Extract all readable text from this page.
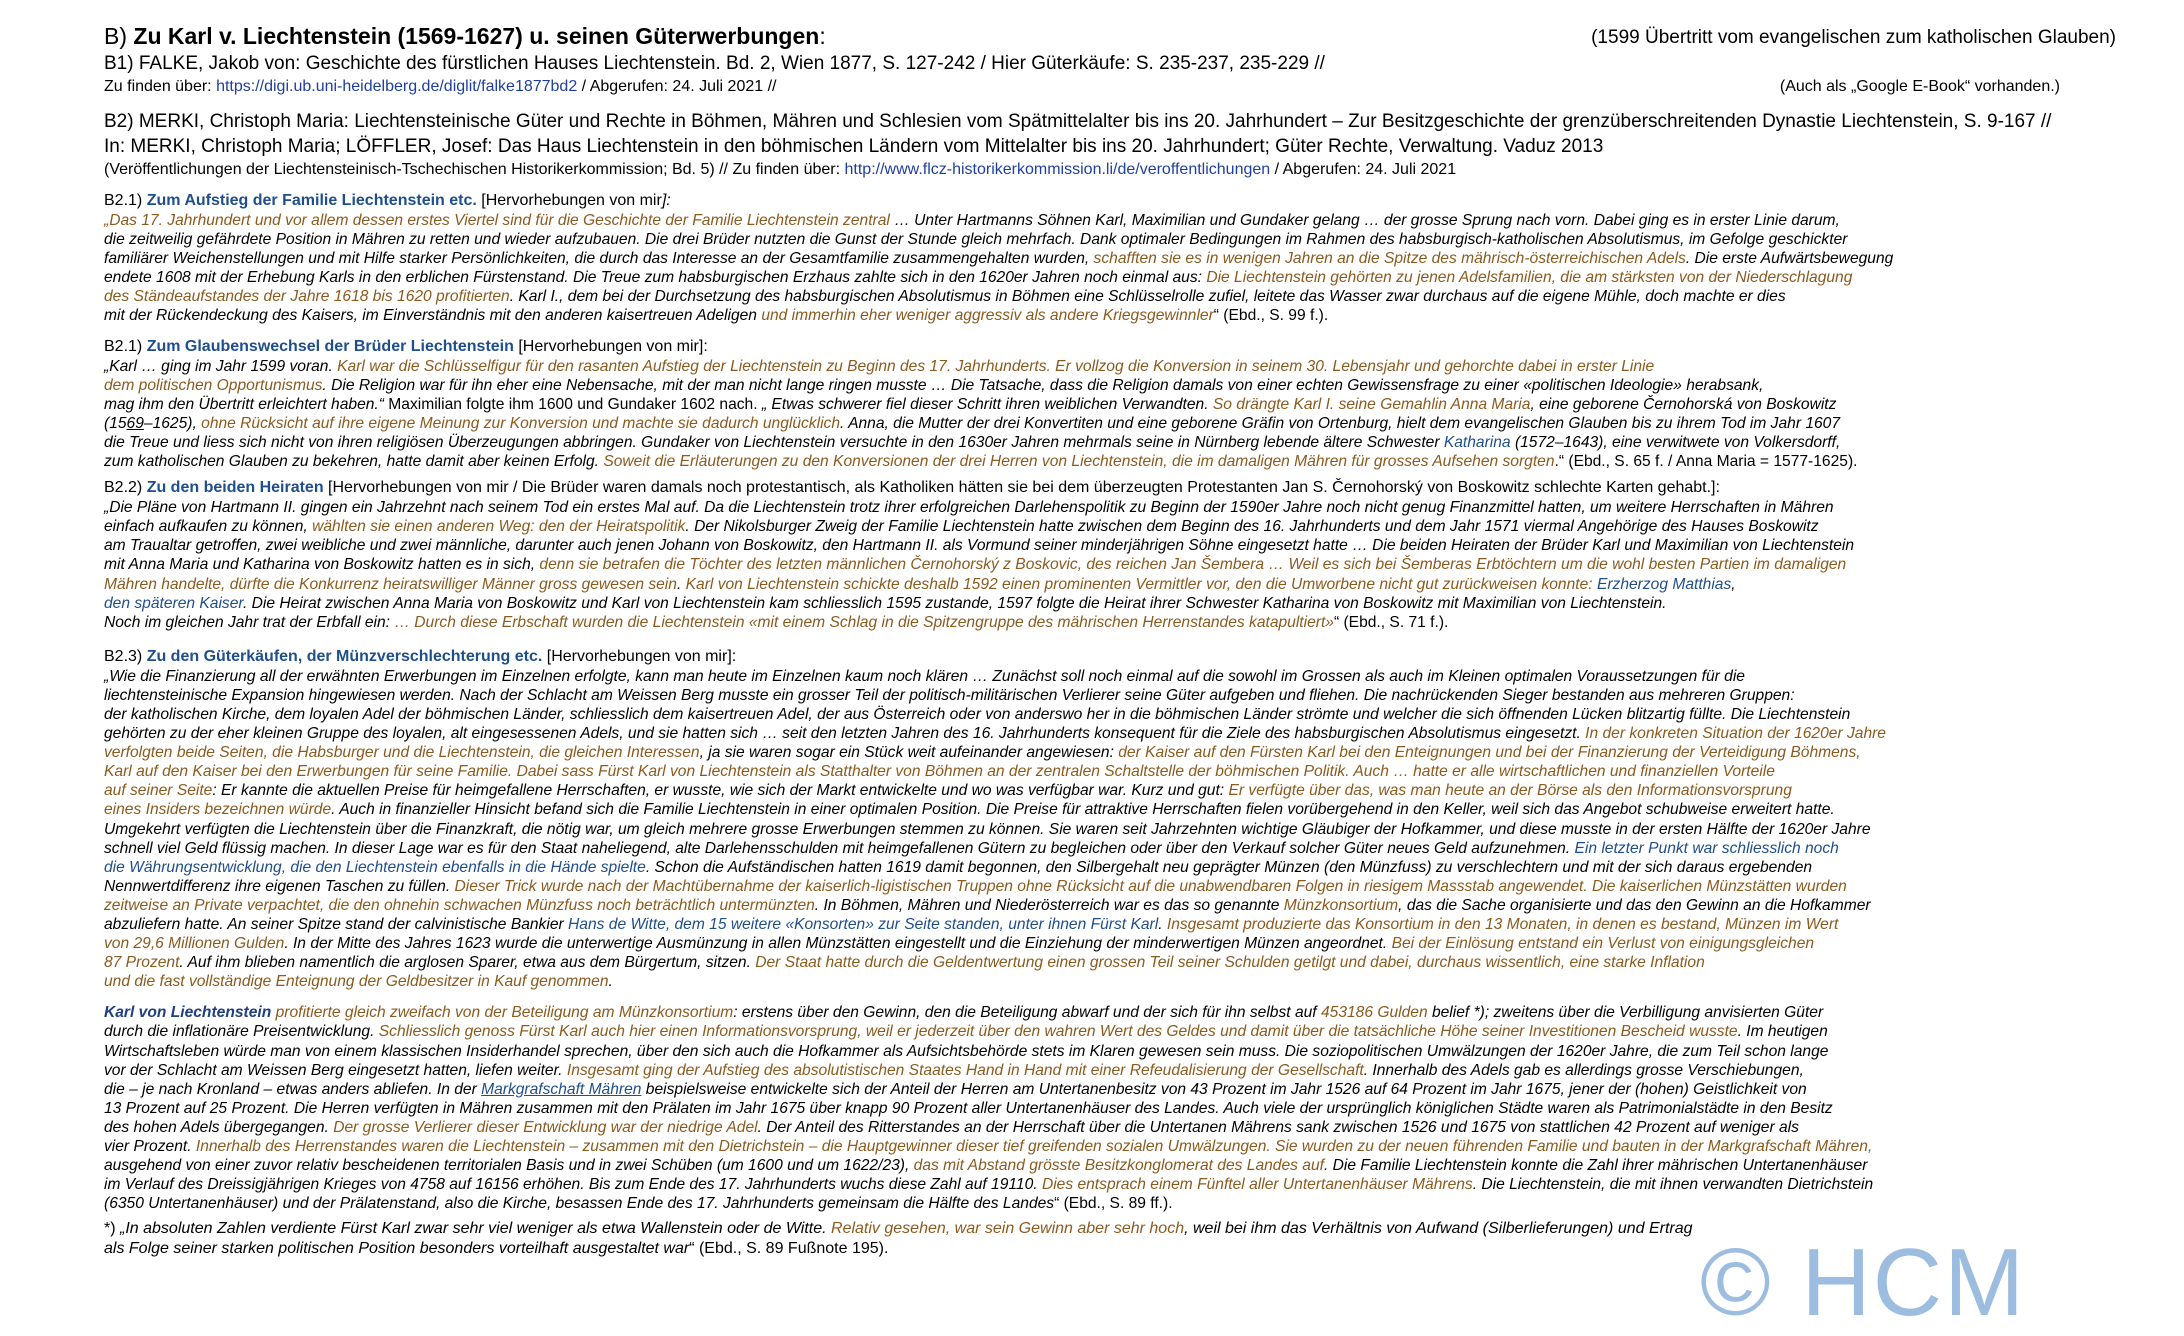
B) Zu Karl v. Liechtenstein (1569-1627) u. seinen Güterwerbungen:	(1599 Übertritt vom evangelischen zum katholischen Glauben)
B1) FALKE, Jakob von: Geschichte des fürstlichen Hauses Liechtenstein. Bd. 2, Wien 1877, S. 127-242 / Hier Güterkäufe: S. 235-237, 235-229 //
Zu finden über: https://digi.ub.uni-heidelberg.de/diglit/falke1877bd2 / Abgerufen: 24. Juli 2021 //	(Auch als „Google E-Book“ vorhanden.)
B2) MERKI, Christoph Maria: Liechtensteinische Güter und Rechte in Böhmen, Mähren und Schlesien vom Spätmittelalter bis ins 20. Jahrhundert – Zur Besitzgeschichte der grenzüberschreitenden Dynastie Liechtenstein, S. 9-167 //
In: MERKI, Christoph Maria; LÖFFLER, Josef: Das Haus Liechtenstein in den böhmischen Ländern vom Mittelalter bis ins 20. Jahrhundert; Güter Rechte, Verwaltung. Vaduz 2013
(Veröffentlichungen der Liechtensteinisch-Tschechischen Historikerkommission; Bd. 5) // Zu finden über: http://www.flcz-historikerkommission.li/de/veroffentlichungen / Abgerufen: 24. Juli 2021
B2.1) Zum Aufstieg der Familie Liechtenstein etc. [Hervorhebungen von mir]:
„Das 17. Jahrhundert und vor allem dessen erstes Viertel sind für die Geschichte der Familie Liechtenstein zentral … Unter Hartmanns Söhnen Karl, Maximilian und Gundaker gelang … der grosse Sprung nach vorn. Dabei ging es in erster Linie darum,
die zeitweilig gefährdete Position in Mähren zu retten und wieder aufzubauen. Die drei Brüder nutzten die Gunst der Stunde gleich mehrfach. Dank optimaler Bedingungen im Rahmen des habsburgisch-katholischen Absolutismus, im Gefolge geschickter
familiärer Weichenstellungen und mit Hilfe starker Persönlichkeiten, die durch das Interesse an der Gesamtfamilie zusammengehalten wurden, schafften sie es in wenigen Jahren an die Spitze des mährisch-österreichischen Adels. Die erste Aufwärtsbewegung
endete 1608 mit der Erhebung Karls in den erblichen Fürstenstand. Die Treue zum habsburgischen Erzhaus zahlte sich in den 1620er Jahren noch einmal aus: Die Liechtenstein gehörten zu jenen Adelsfamilien, die am stärksten von der Niederschlagung
des Ständeaufstandes der Jahre 1618 bis 1620 profitierten. Karl I., dem bei der Durchsetzung des habsburgischen Absolutismus in Böhmen eine Schlüsselrolle zufiel, leitete das Wasser zwar durchaus auf die eigene Mühle, doch machte er dies
mit der Rückendeckung des Kaisers, im Einverständnis mit den anderen kaisertreuen Adeligen und immerhin eher weniger aggressiv als andere Kriegsgewinnler“ (Ebd., S. 99 f.).
B2.1) Zum Glaubenswechsel der Brüder Liechtenstein [Hervorhebungen von mir]:
„Karl … ging im Jahr 1599 voran. Karl war die Schlüsselfigur für den rasanten Aufstieg der Liechtenstein zu Beginn des 17. Jahrhunderts. Er vollzog die Konversion in seinem 30. Lebensjahr und gehorchte dabei in erster Linie
dem politischen Opportunismus. Die Religion war für ihn eher eine Nebensache, mit der man nicht lange ringen musste … Die Tatsache, dass die Religion damals von einer echten Gewissensfrage zu einer «politischen Ideologie» herabsank,
mag ihm den Übertritt erleichtert haben.“ Maximilian folgte ihm 1600 und Gundaker 1602 nach. „ Etwas schwerer fiel dieser Schritt ihren weiblichen Verwandten. So drängte Karl I. seine Gemahlin Anna Maria, eine geborene Černohorská von Boskowitz
(1569–1625), ohne Rücksicht auf ihre eigene Meinung zur Konversion und machte sie dadurch unglücklich. Anna, die Mutter der drei Konvertiten und eine geborene Gräfin von Ortenburg, hielt dem evangelischen Glauben bis zu ihrem Tod im Jahr 1607
die Treue und liess sich nicht von ihren religiösen Überzeugungen abbringen. Gundaker von Liechtenstein versuchte in den 1630er Jahren mehrmals seine in Nürnberg lebende ältere Schwester Katharina (1572–1643), eine verwitwete von Volkersdorff,
zum katholischen Glauben zu bekehren, hatte damit aber keinen Erfolg. Soweit die Erläuterungen zu den Konversionen der drei Herren von Liechtenstein, die im damaligen Mähren für grosses Aufsehen sorgten.“ (Ebd., S. 65 f. / Anna Maria = 1577-1625).
B2.2) Zu den beiden Heiraten [Hervorhebungen von mir / Die Brüder waren damals noch protestantisch, als Katholiken hätten sie bei dem überzeugten Protestanten Jan S. Černohorský von Boskowitz schlechte Karten gehabt.]:
„Die Pläne von Hartmann II. gingen ein Jahrzehnt nach seinem Tod ein erstes Mal auf. Da die Liechtenstein trotz ihrer erfolgreichen Darlehenspolitik zu Beginn der 1590er Jahre noch nicht genug Finanzmittel hatten, um weitere Herrschaften in Mähren
einfach aufkaufen zu können, wählten sie einen anderen Weg: den der Heiratspolitik. Der Nikolsburger Zweig der Familie Liechtenstein hatte zwischen dem Beginn des 16. Jahrhunderts und dem Jahr 1571 viermal Angehörige des Hauses Boskowitz
am Traualtar getroffen, zwei weibliche und zwei männliche, darunter auch jenen Johann von Boskowitz, den Hartmann II. als Vormund seiner minderjährigen Söhne eingesetzt hatte … Die beiden Heiraten der Brüder Karl und Maximilian von Liechtenstein
mit Anna Maria und Katharina von Boskowitz hatten es in sich, denn sie betrafen die Töchter des letzten männlichen Černohorský z Boskovic, des reichen Jan Šembera … Weil es sich bei Šemberas Erbtöchtern um die wohl besten Partien im damaligen
Mähren handelte, dürfte die Konkurrenz heiratswilliger Männer gross gewesen sein. Karl von Liechtenstein schickte deshalb 1592 einen prominenten Vermittler vor, den die Umworbene nicht gut zurückweisen konnte: Erzherzog Matthias,
den späteren Kaiser. Die Heirat zwischen Anna Maria von Boskowitz und Karl von Liechtenstein kam schliesslich 1595 zustande, 1597 folgte die Heirat ihrer Schwester Katharina von Boskowitz mit Maximilian von Liechtenstein.
Noch im gleichen Jahr trat der Erbfall ein: … Durch diese Erbschaft wurden die Liechtenstein «mit einem Schlag in die Spitzengruppe des mährischen Herrenstandes katapultiert»“ (Ebd., S. 71 f.).
B2.3) Zu den Güterkäufen, der Münzverschlechterung etc. [Hervorhebungen von mir]:
„Wie die Finanzierung all der erwähnten Erwerbungen im Einzelnen erfolgte, kann man heute im Einzelnen kaum noch klären … Zunächst soll noch einmal auf die sowohl im Grossen als auch im Kleinen optimalen Voraussetzungen für die
liechtensteinische Expansion hingewiesen werden. Nach der Schlacht am Weissen Berg musste ein grosser Teil der politisch-militärischen Verlierer seine Güter aufgeben und fliehen. Die nachrückenden Sieger bestanden aus mehreren Gruppen:
der katholischen Kirche, dem loyalen Adel der böhmischen Länder, schliesslich dem kaisertreuen Adel, der aus Österreich oder von anderswo her in die böhmischen Länder strömte und welcher die sich öffnenden Lücken blitzartig füllte. Die Liechtenstein
gehörten zu der eher kleinen Gruppe des loyalen, alt eingesessenen Adels, und sie hatten sich … seit den letzten Jahren des 16. Jahrhunderts konsequent für die Ziele des habsburgischen Absolutismus eingesetzt. In der konkreten Situation der 1620er Jahre
verfolgten beide Seiten, die Habsburger und die Liechtenstein, die gleichen Interessen, ja sie waren sogar ein Stück weit aufeinander angewiesen: der Kaiser auf den Fürsten Karl bei den Enteignungen und bei der Finanzierung der Verteidigung Böhmens,
Karl auf den Kaiser bei den Erwerbungen für seine Familie. Dabei sass Fürst Karl von Liechtenstein als Statthalter von Böhmen an der zentralen Schaltstelle der böhmischen Politik. Auch … hatte er alle wirtschaftlichen und finanziellen Vorteile
auf seiner Seite: Er kannte die aktuellen Preise für heimgefallene Herrschaften, er wusste, wie sich der Markt entwickelte und wo was verfügbar war. Kurz und gut: Er verfügte über das, was man heute an der Börse als den Informationsvorsprung
eines Insiders bezeichnen würde. Auch in finanzieller Hinsicht befand sich die Familie Liechtenstein in einer optimalen Position. Die Preise für attraktive Herrschaften fielen vorübergehend in den Keller, weil sich das Angebot schubweise erweitert hatte.
Umgekehrt verfügten die Liechtenstein über die Finanzkraft, die nötig war, um gleich mehrere grosse Erwerbungen stemmen zu können. Sie waren seit Jahrzehnten wichtige Gläubiger der Hofkammer, und diese musste in der ersten Hälfte der 1620er Jahre
schnell viel Geld flüssig machen. In dieser Lage war es für den Staat naheliegend, alte Darlehensschulden mit heimgefallenen Gütern zu begleichen oder über den Verkauf solcher Güter neues Geld aufzunehmen. Ein letzter Punkt war schliesslich noch
die Währungsentwicklung, die den Liechtenstein ebenfalls in die Hände spielte. Schon die Aufständischen hatten 1619 damit begonnen, den Silbergehalt neu geprägter Münzen (den Münzfuss) zu verschlechtern und mit der sich daraus ergebenden
Nennwertdifferenz ihre eigenen Taschen zu füllen. Dieser Trick wurde nach der Machtübernahme der kaiserlich-ligistischen Truppen ohne Rücksicht auf die unabwendbaren Folgen in riesigem Massstab angewendet. Die kaiserlichen Münzstätten wurden
zeitweise an Private verpachtet, die den ohnehin schwachen Münzfuss noch beträchtlich untermünzten. In Böhmen, Mähren und Niederösterreich war es das so genannte Münzkonsortium, das die Sache organisierte und das den Gewinn an die Hofkammer
abzuliefern hatte. An seiner Spitze stand der calvinistische Bankier Hans de Witte, dem 15 weitere «Konsorten» zur Seite standen, unter ihnen Fürst Karl. Insgesamt produzierte das Konsortium in den 13 Monaten, in denen es bestand, Münzen im Wert
von 29,6 Millionen Gulden. In der Mitte des Jahres 1623 wurde die unterwertige Ausmünzung in allen Münzstätten eingestellt und die Einziehung der minderwertigen Münzen angeordnet. Bei der Einlösung entstand ein Verlust von einigungsgleichen
87 Prozent. Auf ihm blieben namentlich die arglosen Sparer, etwa aus dem Bürgertum, sitzen. Der Staat hatte durch die Geldentwertung einen grossen Teil seiner Schulden getilgt und dabei, durchaus wissentlich, eine starke Inflation
und die fast vollständige Enteignung der Geldbesitzer in Kauf genommen.
Karl von Liechtenstein profitierte gleich zweifach von der Beteiligung am Münzkonsortium: erstens über den Gewinn, den die Beteiligung abwarf und der sich für ihn selbst auf 453186 Gulden belief *); zweitens über die Verbilligung anvisierten Güter
durch die inflationäre Preisentwicklung. Schliesslich genoss Fürst Karl auch hier einen Informationsvorsprung, weil er jederzeit über den wahren Wert des Geldes und damit über die tatsächliche Höhe seiner Investitionen Bescheid wusste. Im heutigen
Wirtschaftsleben würde man von einem klassischen Insiderhandel sprechen, über den sich auch die Hofkammer als Aufsichtsbehörde stets im Klaren gewesen sein muss. Die soziopolitischen Umwälzungen der 1620er Jahre, die zum Teil schon lange
vor der Schlacht am Weissen Berg eingesetzt hatten, liefen weiter. Insgesamt ging der Aufstieg des absolutistischen Staates Hand in Hand mit einer Refeudalisierung der Gesellschaft. Innerhalb des Adels gab es allerdings grosse Verschiebungen,
die – je nach Kronland – etwas anders abliefen. In der Markgrafschaft Mähren beispielsweise entwickelte sich der Anteil der Herren am Untertanenbesitz von 43 Prozent im Jahr 1526 auf 64 Prozent im Jahr 1675, jener der (hohen) Geistlichkeit von
13 Prozent auf 25 Prozent. Die Herren verfügten in Mähren zusammen mit den Prälaten im Jahr 1675 über knapp 90 Prozent aller Untertanenhäuser des Landes. Auch viele der ursprünglich königlichen Städte waren als Patrimonialstädte in den Besitz
des hohen Adels übergegangen. Der grosse Verlierer dieser Entwicklung war der niedrige Adel. Der Anteil des Ritterstandes an der Herrschaft über die Untertanen Mährens sank zwischen 1526 und 1675 von stattlichen 42 Prozent auf weniger als
vier Prozent. Innerhalb des Herrenstandes waren die Liechtenstein – zusammen mit den Dietrichstein – die Hauptgewinner dieser tief greifenden sozialen Umwälzungen. Sie wurden zu der neuen führenden Familie und bauten in der Markgrafschaft Mähren,
ausgehend von einer zuvor relativ bescheidenen territorialen Basis und in zwei Schüben (um 1600 und um 1622/23), das mit Abstand grösste Besitzkonglomerat des Landes auf. Die Familie Liechtenstein konnte die Zahl ihrer mährischen Untertanenhäuser
im Verlauf des Dreissigjährigen Krieges von 4758 auf 16156 erhöhen. Bis zum Ende des 17. Jahrhunderts wuchs diese Zahl auf 19110. Dies entsprach einem Fünftel aller Untertanenhäuser Mährens. Die Liechtenstein, die mit ihnen verwandten Dietrichstein
(6350 Untertanenhäuser) und der Prälatenstand, also die Kirche, besassen Ende des 17. Jahrhunderts gemeinsam die Hälfte des Landes“ (Ebd., S. 89 ff.).
*) „In absoluten Zahlen verdiente Fürst Karl zwar sehr viel weniger als etwa Wallenstein oder de Witte. Relativ gesehen, war sein Gewinn aber sehr hoch, weil bei ihm das Verhältnis von Aufwand (Silberlieferungen) und Ertrag
als Folge seiner starken politischen Position besonders vorteilhaft ausgestaltet war“ (Ebd., S. 89 Fußnote 195).	© HCM
